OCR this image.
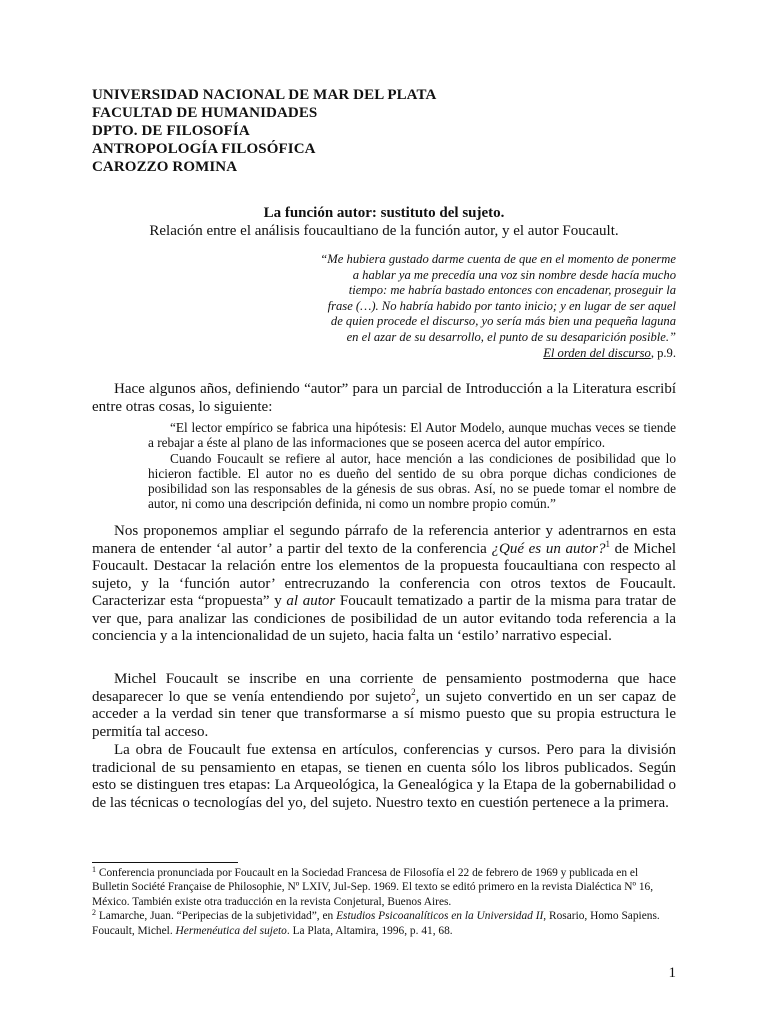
UNIVERSIDAD NACIONAL DE MAR DEL PLATA
FACULTAD DE HUMANIDADES
DPTO. DE FILOSOFÍA
ANTROPOLOGÍA FILOSÓFICA
CAROZZO ROMINA
La función autor: sustituto del sujeto.
Relación entre el análisis foucaultiano de la función autor, y el autor Foucault.
“Me hubiera gustado darme cuenta de que en el momento de ponerme
a hablar ya me precedía una voz sin nombre desde hacía mucho
tiempo: me habría bastado entonces con encadenar, proseguir la
frase (…). No habría habido por tanto inicio; y en lugar de ser aquel
de quien procede el discurso, yo sería más bien una pequeña laguna
en el azar de su desarrollo, el punto de su desaparición posible.”
El orden del discurso, p.9.
Hace algunos años, definiendo “autor” para un parcial de Introducción a la Literatura escribí entre otras cosas, lo siguiente:
“El lector empírico se fabrica una hipótesis: El Autor Modelo, aunque muchas veces se tiende a rebajar a éste al plano de las informaciones que se poseen acerca del autor empírico.
Cuando Foucault se refiere al autor, hace mención a las condiciones de posibilidad que lo hicieron factible. El autor no es dueño del sentido de su obra porque dichas condiciones de posibilidad son las responsables de la génesis de sus obras. Así, no se puede tomar el nombre de autor, ni como una descripción definida, ni como un nombre propio común.”
Nos proponemos ampliar el segundo párrafo de la referencia anterior y adentrarnos en esta manera de entender ‘al autor’ a partir del texto de la conferencia ¿Qué es un autor?$^1$ de Michel Foucault. Destacar la relación entre los elementos de la propuesta foucaultiana con respecto al sujeto, y la ‘función autor’ entrecruzando la conferencia con otros textos de Foucault. Caracterizar esta “propuesta” y al autor Foucault tematizado a partir de la misma para tratar de ver que, para analizar las condiciones de posibilidad de un autor evitando toda referencia a la conciencia y a la intencionalidad de un sujeto, hacia falta un ‘estilo’ narrativo especial.
Michel Foucault se inscribe en una corriente de pensamiento postmoderna que hace desaparecer lo que se venía entendiendo por sujeto$^2$, un sujeto convertido en un ser capaz de acceder a la verdad sin tener que transformarse a sí mismo puesto que su propia estructura le permitía tal acceso.
La obra de Foucault fue extensa en artículos, conferencias y cursos. Pero para la división tradicional de su pensamiento en etapas, se tienen en cuenta sólo los libros publicados. Según esto se distinguen tres etapas: La Arqueológica, la Genealógica y la Etapa de la gobernabilidad o de las técnicas o tecnologías del yo, del sujeto. Nuestro texto en cuestión pertenece a la primera.
$^1$ Conferencia pronunciada por Foucault en la Sociedad Francesa de Filosofía el 22 de febrero de 1969 y publicada en el Bulletin Société Française de Philosophie, Nº LXIV, Jul-Sep. 1969. El texto se editó primero en la revista Dialéctica Nº 16, México. También existe otra traducción en la revista Conjetural, Buenos Aires.
$^2$ Lamarche, Juan. “Peripecias de la subjetividad”, en Estudios Psicoanalíticos en la Universidad II, Rosario, Homo Sapiens. Foucault, Michel. Hermenéutica del sujeto. La Plata, Altamira, 1996, p. 41, 68.
1
